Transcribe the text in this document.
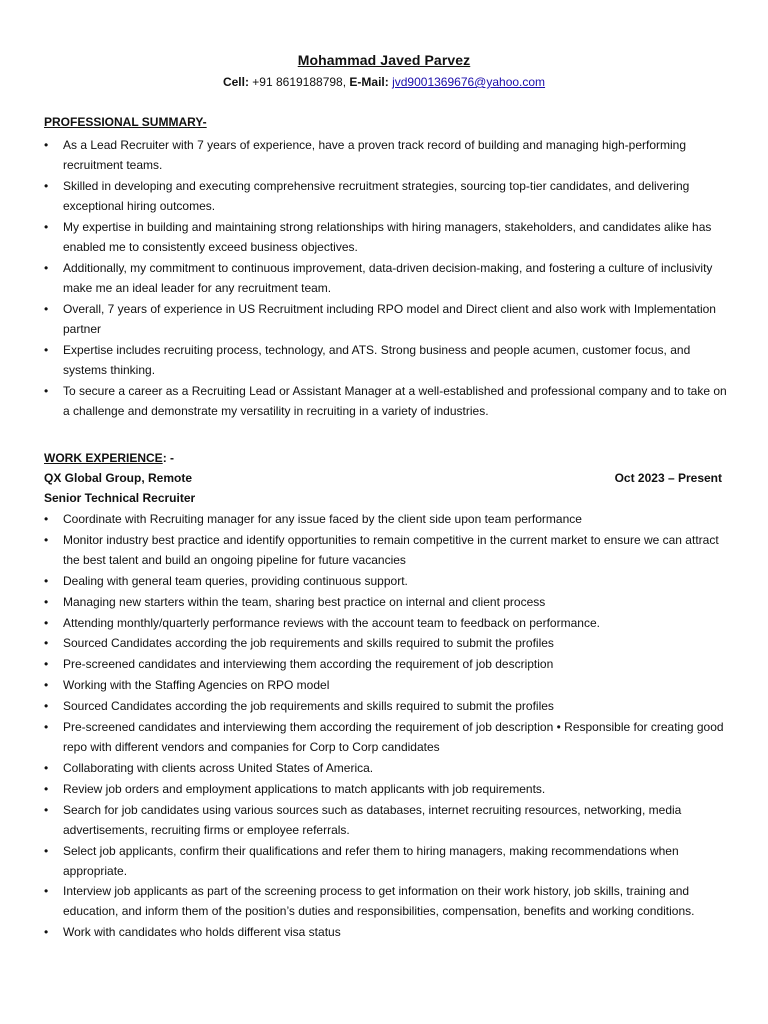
Mohammad Javed Parvez
Cell: +91 8619188798, E-Mail: jvd9001369676@yahoo.com
PROFESSIONAL SUMMARY-
• As a Lead Recruiter with 7 years of experience, have a proven track record of building and managing high-performing recruitment teams.
• Skilled in developing and executing comprehensive recruitment strategies, sourcing top-tier candidates, and delivering exceptional hiring outcomes.
• My expertise in building and maintaining strong relationships with hiring managers, stakeholders, and candidates alike has enabled me to consistently exceed business objectives.
• Additionally, my commitment to continuous improvement, data-driven decision-making, and fostering a culture of inclusivity make me an ideal leader for any recruitment team.
• Overall, 7 years of experience in US Recruitment including RPO model and Direct client and also work with Implementation partner
• Expertise includes recruiting process, technology, and ATS. Strong business and people acumen, customer focus, and systems thinking.
• To secure a career as a Recruiting Lead or Assistant Manager at a well-established and professional company and to take on a challenge and demonstrate my versatility in recruiting in a variety of industries.
WORK EXPERIENCE: -
QX Global Group, Remote	Oct 2023 – Present
Senior Technical Recruiter
• Coordinate with Recruiting manager for any issue faced by the client side upon team performance
• Monitor industry best practice and identify opportunities to remain competitive in the current market to ensure we can attract the best talent and build an ongoing pipeline for future vacancies
• Dealing with general team queries, providing continuous support.
• Managing new starters within the team, sharing best practice on internal and client process
• Attending monthly/quarterly performance reviews with the account team to feedback on performance.
• Sourced Candidates according the job requirements and skills required to submit the profiles
• Pre-screened candidates and interviewing them according the requirement of job description
• Working with the Staffing Agencies on RPO model
• Sourced Candidates according the job requirements and skills required to submit the profiles
• Pre-screened candidates and interviewing them according the requirement of job description • Responsible for creating good repo with different vendors and companies for Corp to Corp candidates
• Collaborating with clients across United States of America.
• Review job orders and employment applications to match applicants with job requirements.
• Search for job candidates using various sources such as databases, internet recruiting resources, networking, media advertisements, recruiting firms or employee referrals.
• Select job applicants, confirm their qualifications and refer them to hiring managers, making recommendations when appropriate.
• Interview job applicants as part of the screening process to get information on their work history, job skills, training and education, and inform them of the position’s duties and responsibilities, compensation, benefits and working conditions.
• Work with candidates who holds different visa status
